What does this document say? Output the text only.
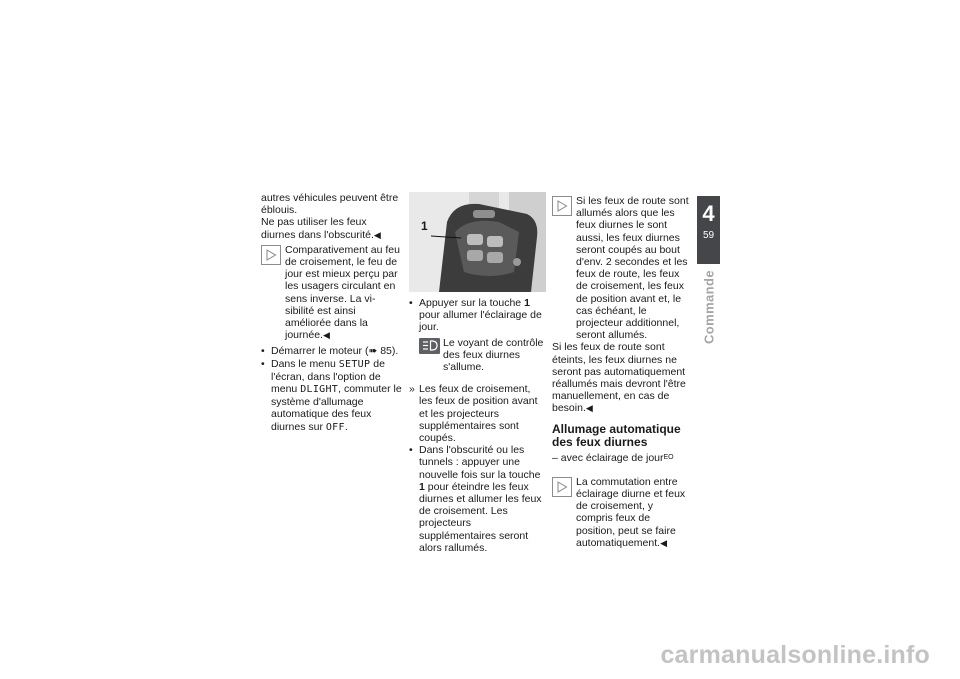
autres véhicules peuvent être éblouis.

Ne pas utiliser les feux diurnes dans l'obscurité.◀

Comparativement au feu de croisement, le feu de jour est mieux perçu par les usagers circulant en sens inverse. La vi-sibilité est ainsi améliorée dans la journée.◀
• Démarrer le moteur (➠ 85).
• Dans le menu SETUP de l'écran, dans l'option de menu DLIGHT, commuter le système d'allumage automatique des feux diurnes sur OFF.
1
• Appuyer sur la touche 1 pour allumer l'éclairage de jour.
Le voyant de contrôle des feux diurnes s'allume.
» Les feux de croisement, les feux de position avant et les projecteurs supplémentaires sont coupés.
• Dans l'obscurité ou les tunnels : appuyer une nouvelle fois sur la touche 1 pour éteindre les feux diurnes et allumer les feux de croisement. Les projecteurs supplémentaires seront alors rallumés.
Si les feux de route sont allumés alors que les feux diurnes le sont aussi, les feux diurnes seront coupés au bout d'env. 2 secondes et les feux de route, les feux de croisement, les feux de position avant et, le cas échéant, le projecteur additionnel, seront allumés.

Si les feux de route sont éteints, les feux diurnes ne seront pas automatiquement réallumés mais devront l'être manuellement, en cas de besoin.◀

Allumage automatique des feux diurnes

– avec éclairage de jour$^{EO}$

La commutation entre éclairage diurne et feux de croisement, y compris feux de position, peut se faire automatiquement.◀
4
59
Commande
carmanualsonline.info
